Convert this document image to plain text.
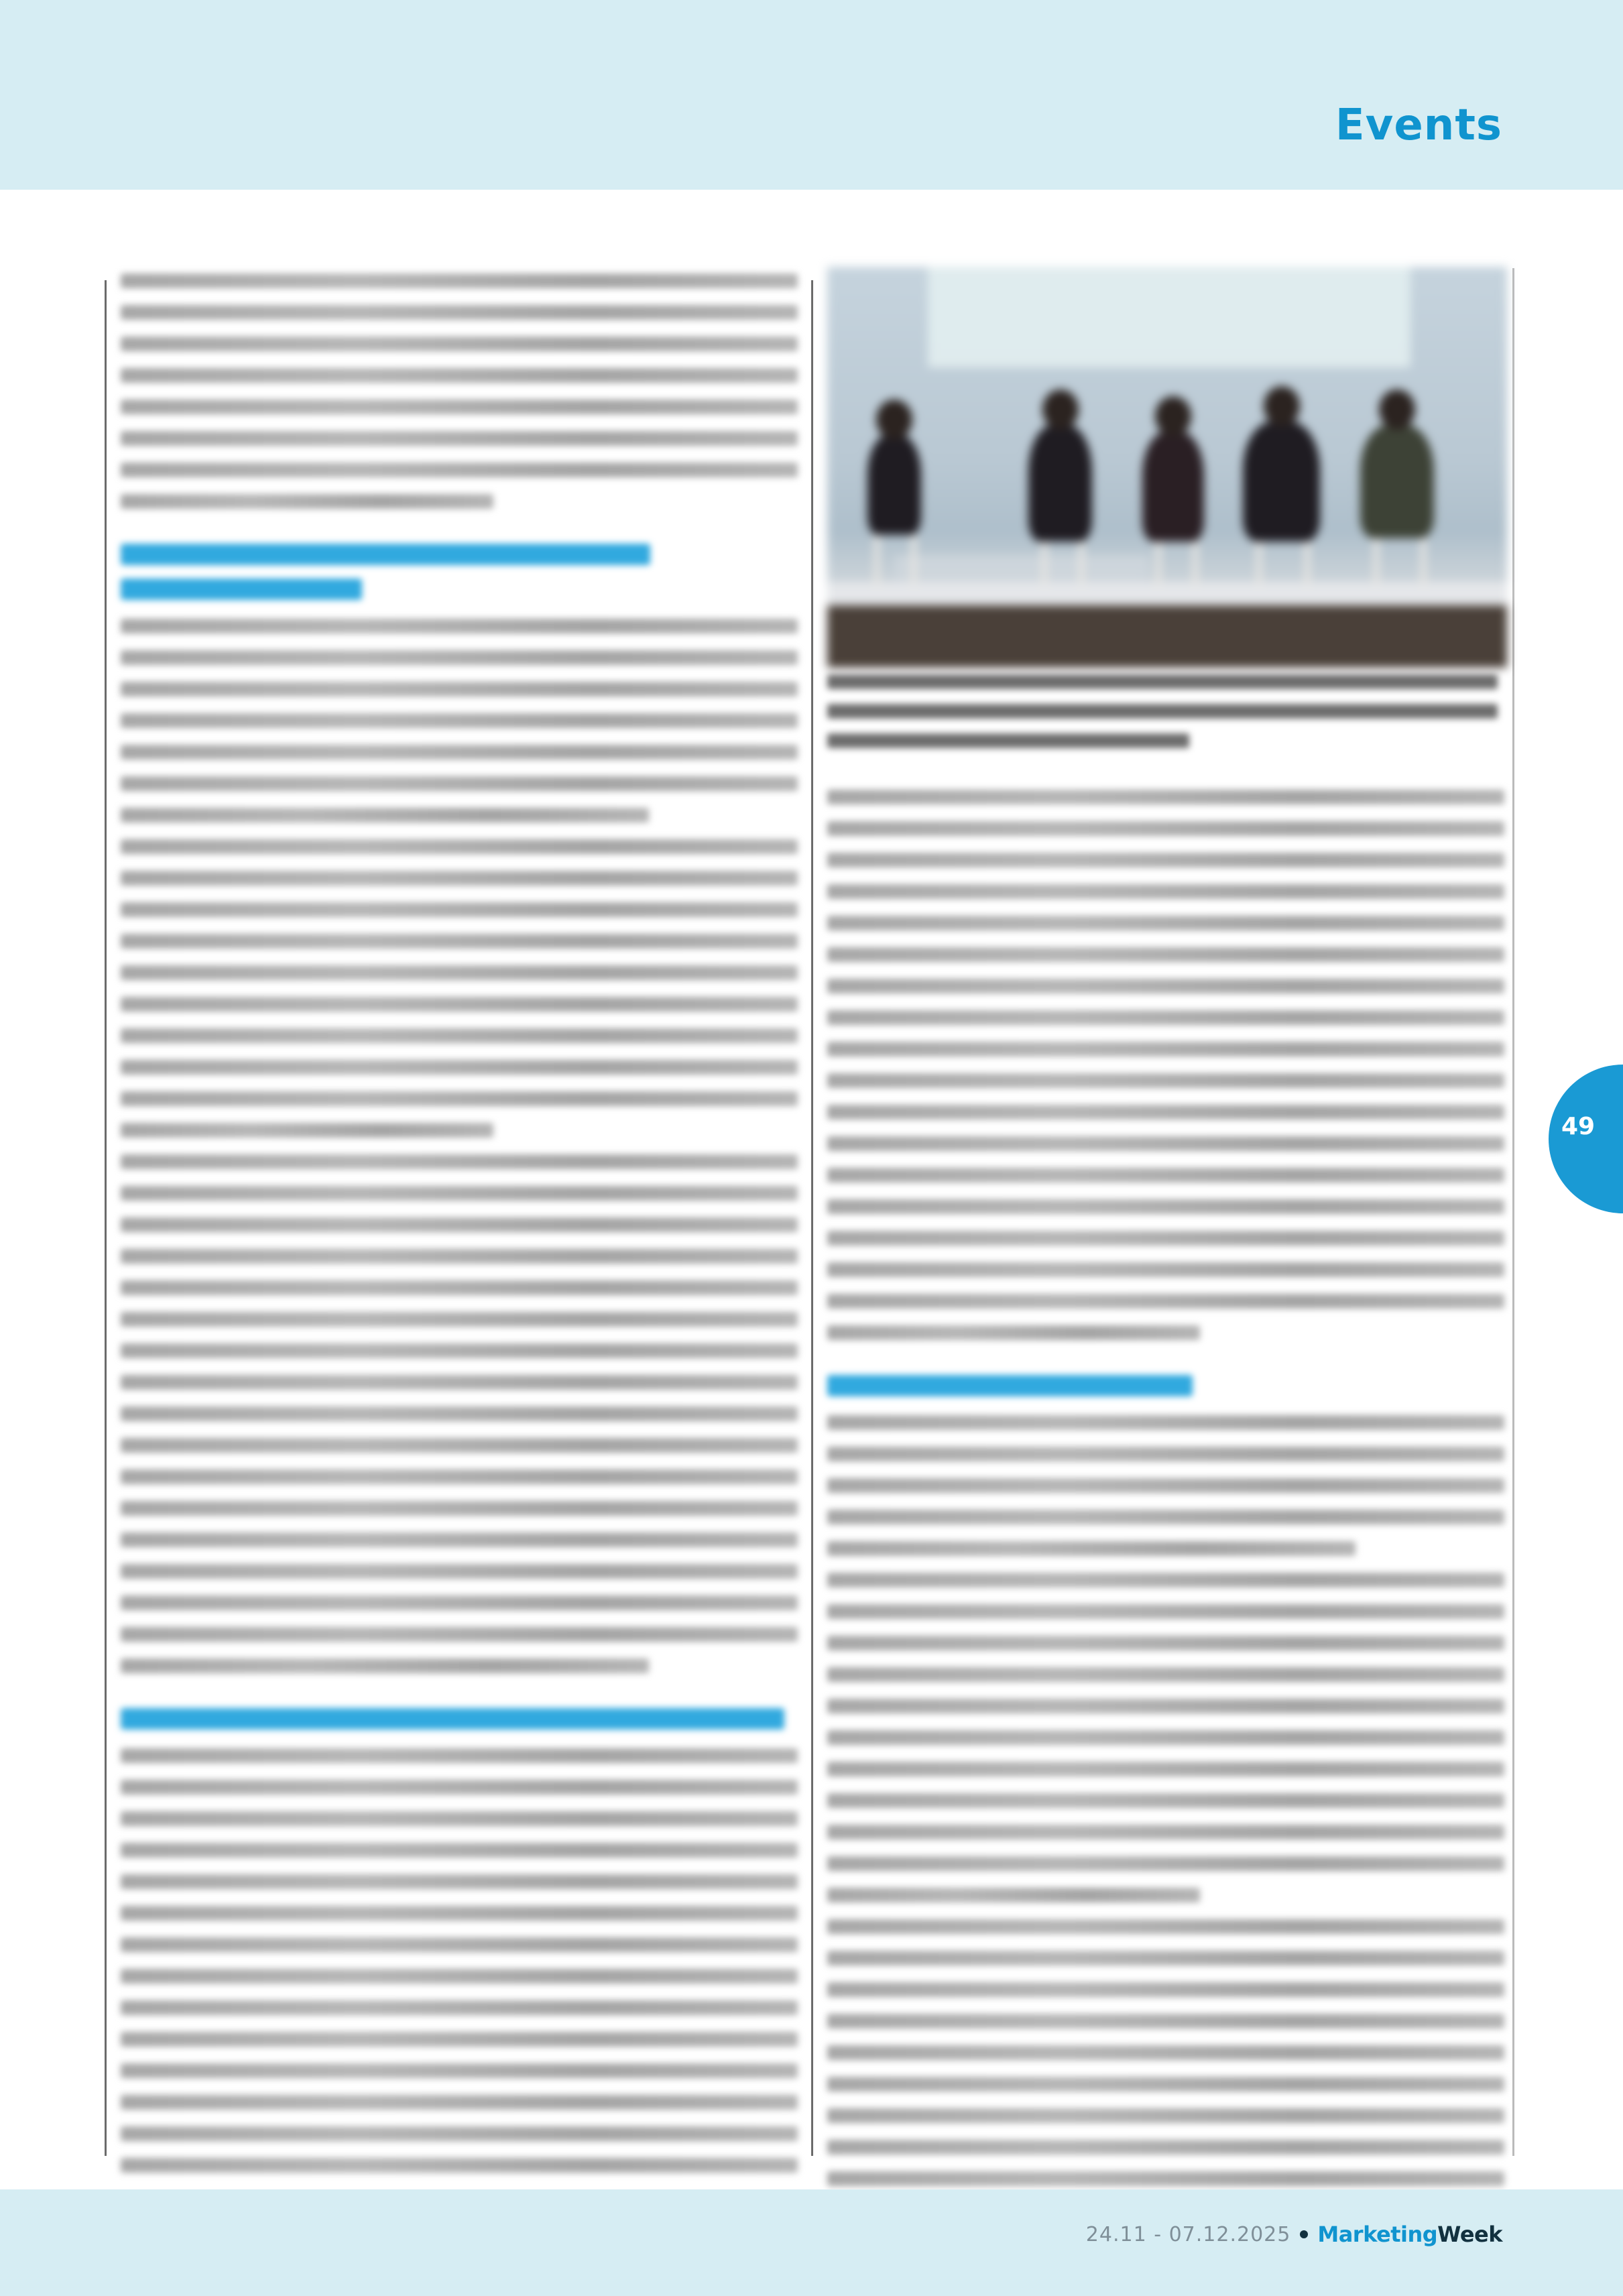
Events
49
24.11 - 07.12.2025 MarketingWeek
